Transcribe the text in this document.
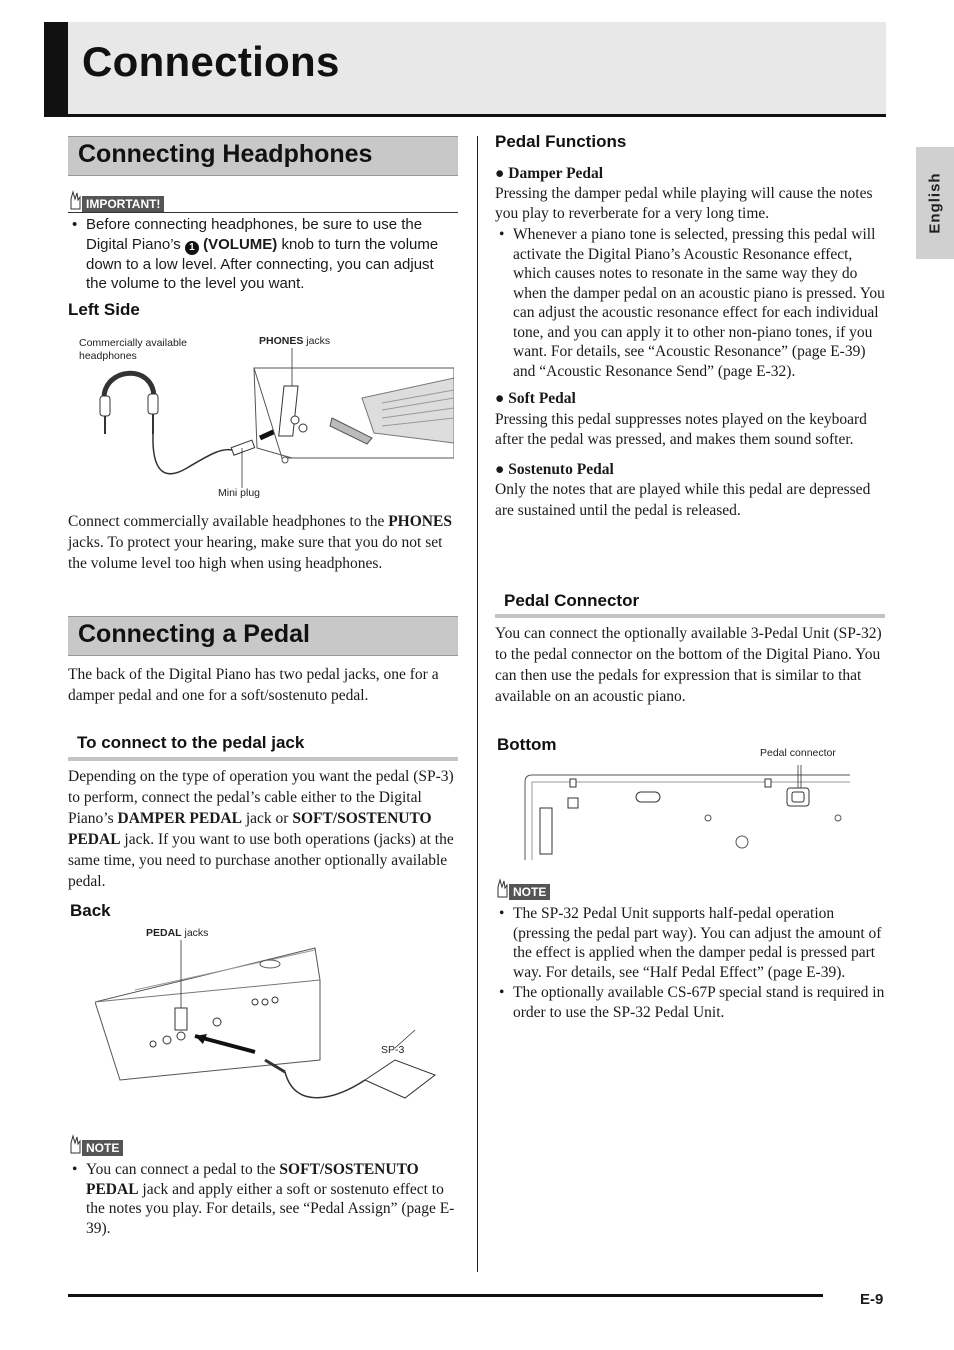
Connections
English
Connecting Headphones
IMPORTANT!
• Before connecting headphones, be sure to use the Digital Piano’s 1 (VOLUME) knob to turn the volume down to a low level. After connecting, you can adjust the volume to the level you want.
Left Side
Commercially available headphones
PHONES jacks
Mini plug
Connect commercially available headphones to the PHONES jacks. To protect your hearing, make sure that you do not set the volume level too high when using headphones.
Connecting a Pedal
The back of the Digital Piano has two pedal jacks, one for a damper pedal and one for a soft/sostenuto pedal.
To connect to the pedal jack
Depending on the type of operation you want the pedal (SP-3) to perform, connect the pedal’s cable either to the Digital Piano’s DAMPER PEDAL jack or SOFT/SOSTENUTO PEDAL jack. If you want to use both operations (jacks) at the same time, you need to purchase another optionally available pedal.
Back
PEDAL jacks
SP-3
NOTE
• You can connect a pedal to the SOFT/SOSTENUTO PEDAL jack and apply either a soft or sostenuto effect to the notes you play. For details, see “Pedal Assign” (page E-39).
Pedal Functions
● Damper Pedal
Pressing the damper pedal while playing will cause the notes you play to reverberate for a very long time.
• Whenever a piano tone is selected, pressing this pedal will activate the Digital Piano’s Acoustic Resonance effect, which causes notes to resonate in the same way they do when the damper pedal on an acoustic piano is pressed. You can adjust the acoustic resonance effect for each individual tone, and you can apply it to other non-piano tones, if you want. For details, see “Acoustic Resonance” (page E-39) and “Acoustic Resonance Send” (page E-32).
● Soft Pedal
Pressing this pedal suppresses notes played on the keyboard after the pedal was pressed, and makes them sound softer.
● Sostenuto Pedal
Only the notes that are played while this pedal are depressed are sustained until the pedal is released.
Pedal Connector
You can connect the optionally available 3-Pedal Unit (SP-32) to the pedal connector on the bottom of the Digital Piano. You can then use the pedals for expression that is similar to that available on an acoustic piano.
Bottom	Pedal connector
NOTE
• The SP-32 Pedal Unit supports half-pedal operation (pressing the pedal part way). You can adjust the amount of the effect is applied when the damper pedal is pressed part way. For details, see “Half Pedal Effect” (page E-39).
• The optionally available CS-67P special stand is required in order to use the SP-32 Pedal Unit.
E-9
